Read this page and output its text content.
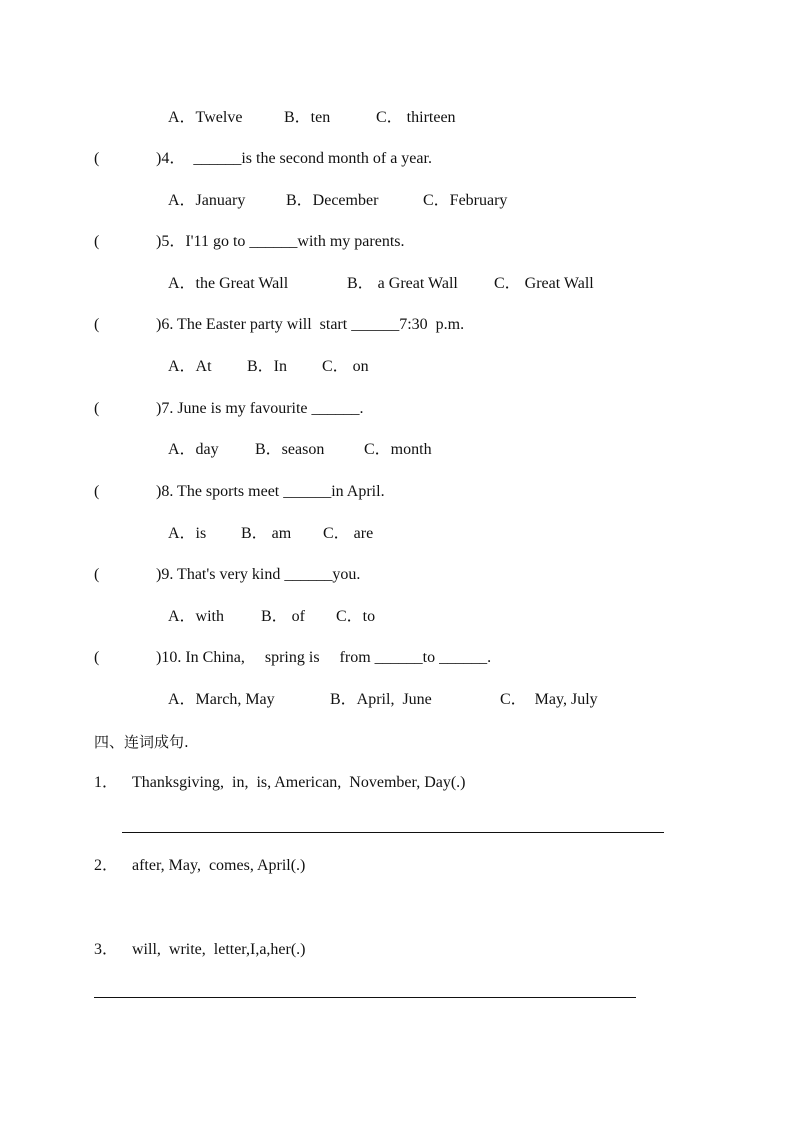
A．Twelve	B．ten	C． thirteen
(	)4．  ______is the second month of a year.
A．January	B．December	C．February
(	)5．I'11 go to ______with my parents.
A．the Great Wall	B． a Great Wall C． Great Wall
(	)6. The Easter party will  start ______7:30  p.m.
A．At B．In C． on
(	)7. June is my favourite ______.
A．day B．season C．month
(	)8. The sports meet ______in April.
A．is B． am C． are
(	)9. That's very kind ______you.
A．with B． of C．to
(	)10. In China,     spring is     from ______to ______.
A．March, May	B．April,  June	C．  May, July
四、连词成句.
1． Thanksgiving,  in,  is, American,  November, Day(.)
2． after, May,  comes, April(.)
3． will,  write,  letter,I,a,her(.)
